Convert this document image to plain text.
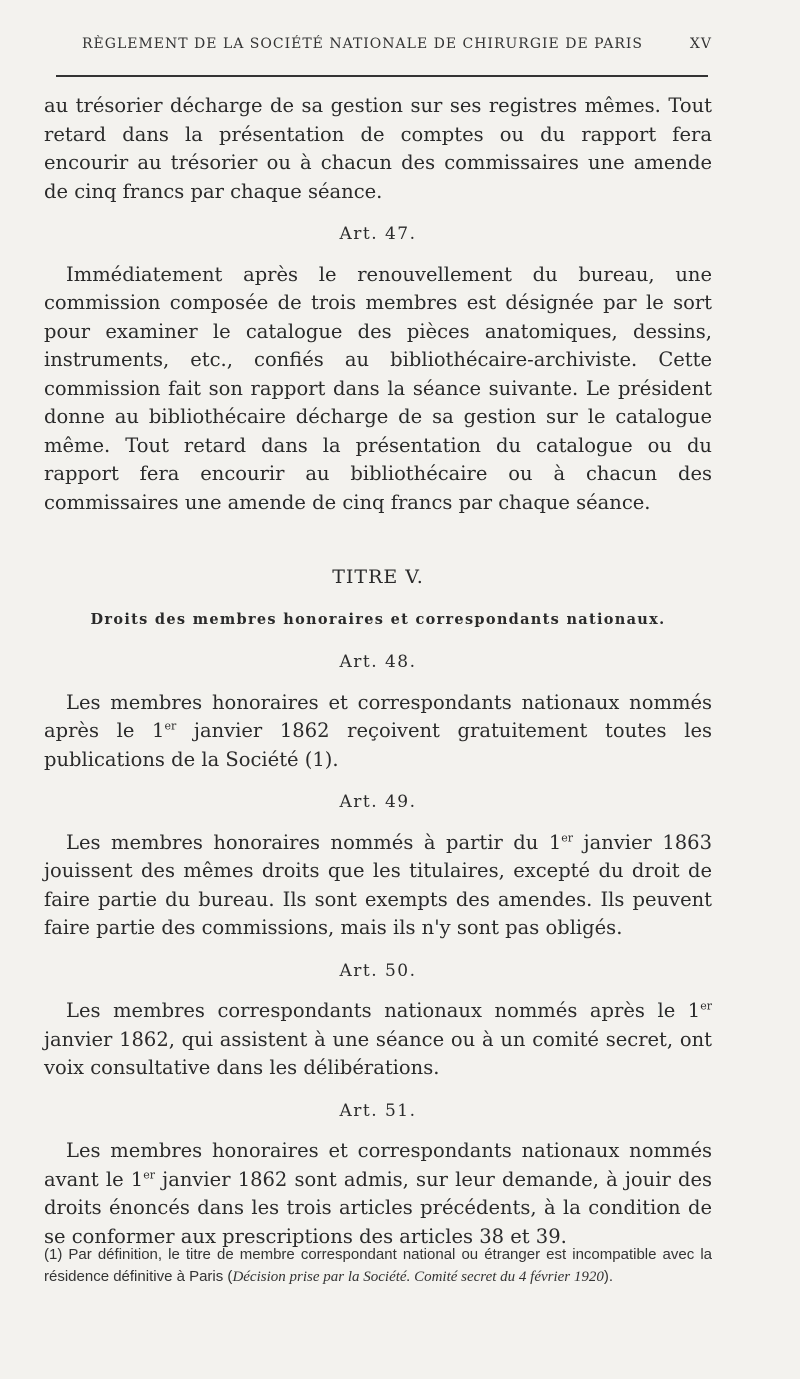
RÈGLEMENT DE LA SOCIÉTÉ NATIONALE DE CHIRURGIE DE PARIS	XV

au trésorier décharge de sa gestion sur ses registres mêmes. Tout retard dans la présentation de comptes ou du rapport fera encourir au trésorier ou à chacun des commissaires une amende de cinq francs par chaque séance.

Art. 47.

Immédiatement après le renouvellement du bureau, une commission composée de trois membres est désignée par le sort pour examiner le catalogue des pièces anatomiques, dessins, instruments, etc., confiés au bibliothécaire-archiviste. Cette commission fait son rapport dans la séance suivante. Le président donne au bibliothécaire décharge de sa gestion sur le catalogue même. Tout retard dans la présentation du catalogue ou du rapport fera encourir au bibliothécaire ou à chacun des commissaires une amende de cinq francs par chaque séance.

TITRE V.
Droits des membres honoraires et correspondants nationaux.
Art. 48.

Les membres honoraires et correspondants nationaux nommés après le 1er janvier 1862 reçoivent gratuitement toutes les publications de la Société (1).

Art. 49.

Les membres honoraires nommés à partir du 1er janvier 1863 jouissent des mêmes droits que les titulaires, excepté du droit de faire partie du bureau. Ils sont exempts des amendes. Ils peuvent faire partie des commissions, mais ils n'y sont pas obligés.

Art. 50.

Les membres correspondants nationaux nommés après le 1er janvier 1862, qui assistent à une séance ou à un comité secret, ont voix consultative dans les délibérations.

Art. 51.

Les membres honoraires et correspondants nationaux nommés avant le 1er janvier 1862 sont admis, sur leur demande, à jouir des droits énoncés dans les trois articles précédents, à la condition de se conformer aux prescriptions des articles 38 et 39.

(1) Par définition, le titre de membre correspondant national ou étranger est incompatible avec la résidence définitive à Paris (Décision prise par la Société. Comité secret du 4 février 1920).
